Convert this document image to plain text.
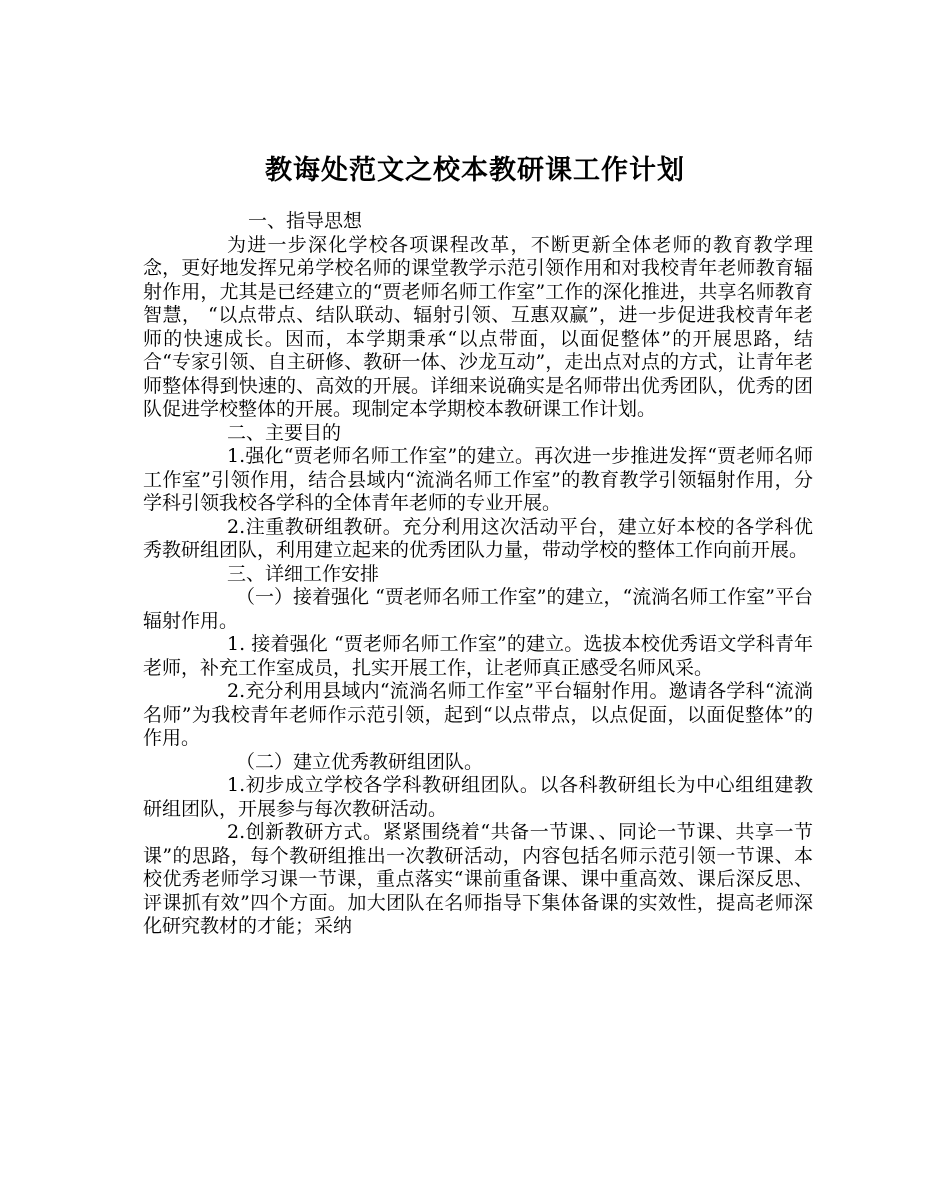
教诲处范文之校本教研课工作计划

一、指导思想

为进一步深化学校各项课程改革，不断更新全体老师的教育教学理念，更好地发挥兄弟学校名师的课堂教学示范引领作用和对我校青年老师教育辐射作用，尤其是已经建立的“贾老师名师工作室”工作的深化推进，共享名师教育智慧， “以点带点、结队联动、辐射引领、互惠双赢”，进一步促进我校青年老师的快速成长。因而，本学期秉承“以点带面，以面促整体”的开展思路，结合“专家引领、自主研修、教研一体、沙龙互动”，走出点对点的方式，让青年老师整体得到快速的、高效的开展。详细来说确实是名师带出优秀团队，优秀的团队促进学校整体的开展。现制定本学期校本教研课工作计划。

二、主要目的

1.强化“贾老师名师工作室”的建立。再次进一步推进发挥“贾老师名师工作室”引领作用，结合县域内“流淌名师工作室”的教育教学引领辐射作用，分学科引领我校各学科的全体青年老师的专业开展。

2.注重教研组教研。充分利用这次活动平台，建立好本校的各学科优秀教研组团队，利用建立起来的优秀团队力量，带动学校的整体工作向前开展。

三、详细工作安排

（一）接着强化 “贾老师名师工作室”的建立，“流淌名师工作室”平台辐射作用。

1. 接着强化 “贾老师名师工作室”的建立。选拔本校优秀语文学科青年老师，补充工作室成员，扎实开展工作，让老师真正感受名师风采。

2.充分利用县域内“流淌名师工作室”平台辐射作用。邀请各学科“流淌名师”为我校青年老师作示范引领，起到“以点带点，以点促面，以面促整体”的作用。

（二）建立优秀教研组团队。

1.初步成立学校各学科教研组团队。以各科教研组长为中心组组建教研组团队，开展参与每次教研活动。

2.创新教研方式。紧紧围绕着“共备一节课、、同论一节课、共享一节课”的思路，每个教研组推出一次教研活动，内容包括名师示范引领一节课、本校优秀老师学习课一节课，重点落实“课前重备课、课中重高效、课后深反思、评课抓有效”四个方面。加大团队在名师指导下集体备课的实效性，提高老师深化研究教材的才能；采纳
